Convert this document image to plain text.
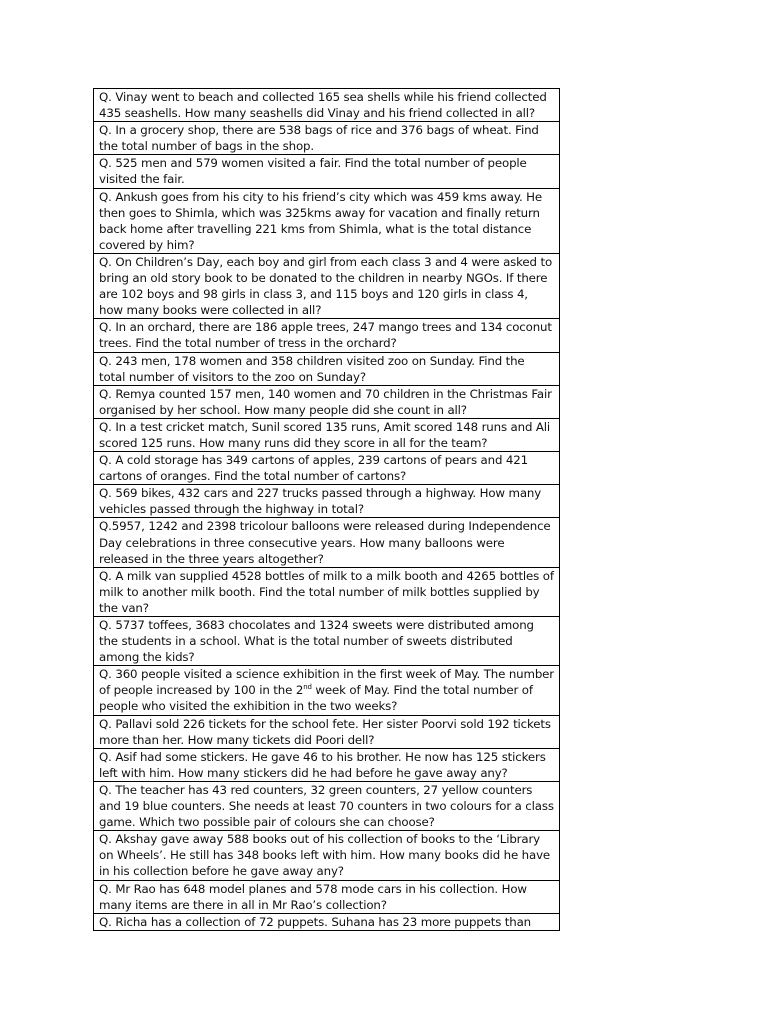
Q. Vinay went to beach and collected 165 sea shells while his friend collected 435 seashells. How many seashells did Vinay and his friend collected in all?
Q. In a grocery shop, there are 538 bags of rice and 376 bags of wheat. Find the total number of bags in the shop.
Q. 525 men and 579 women visited a fair. Find the total number of people visited the fair.
Q. Ankush goes from his city to his friend’s city which was 459 kms away. He then goes to Shimla, which was 325kms away for vacation and finally return back home after travelling 221 kms from Shimla, what is the total distance covered by him?
Q. On Children’s Day, each boy and girl from each class 3 and 4 were asked to bring an old story book to be donated to the children in nearby NGOs. If there are 102 boys and 98 girls in class 3, and 115 boys and 120 girls in class 4, how many books were collected in all?
Q. In an orchard, there are 186 apple trees, 247 mango trees and 134 coconut trees. Find the total number of tress in the orchard?
Q. 243 men, 178 women and 358 children visited zoo on Sunday. Find the total number of visitors to the zoo on Sunday?
Q. Remya counted 157 men, 140 women and 70 children in the Christmas Fair organised by her school. How many people did she count in all?
Q. In a test cricket match, Sunil scored 135 runs, Amit scored 148 runs and Ali scored 125 runs. How many runs did they score in all for the team?
Q. A cold storage has 349 cartons of apples, 239 cartons of pears and 421 cartons of oranges. Find the total number of cartons?
Q. 569 bikes, 432 cars and 227 trucks passed through a highway. How many vehicles passed through the highway in total?
Q.5957, 1242 and 2398 tricolour balloons were released during Independence Day celebrations in three consecutive years. How many balloons were released in the three years altogether?
Q. A milk van supplied 4528 bottles of milk to a milk booth and 4265 bottles of milk to another milk booth. Find the total number of milk bottles supplied by the van?
Q. 5737 toffees, 3683 chocolates and 1324 sweets were distributed among the students in a school. What is the total number of sweets distributed among the kids?
Q. 360 people visited a science exhibition in the first week of May. The number of people increased by 100 in the 2nd week of May. Find the total number of people who visited the exhibition in the two weeks?
Q. Pallavi sold 226 tickets for the school fete. Her sister Poorvi sold 192 tickets more than her. How many tickets did Poori dell?
Q. Asif had some stickers. He gave 46 to his brother. He now has 125 stickers left with him. How many stickers did he had before he gave away any?
Q. The teacher has 43 red counters, 32 green counters, 27 yellow counters and 19 blue counters. She needs at least 70 counters in two colours for a class game. Which two possible pair of colours she can choose?
Q. Akshay gave away 588 books out of his collection of books to the ‘Library on Wheels’. He still has 348 books left with him. How many books did he have in his collection before he gave away any?
Q. Mr Rao has 648 model planes and 578 mode cars in his collection. How many items are there in all in Mr Rao’s collection?
Q. Richa has a collection of 72 puppets. Suhana has 23 more puppets than
